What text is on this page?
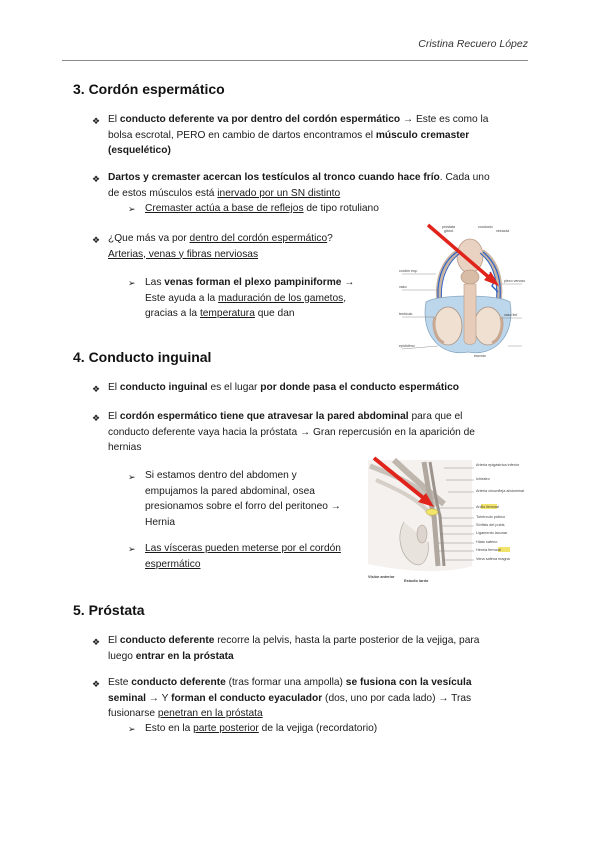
Cristina Recuero López
3. Cordón espermático
❖ El conducto deferente va por dentro del cordón espermático → Este es como la
bolsa escrotal, PERO en cambio de dartos encontramos el músculo cremaster
(esquelético)
❖ Dartos y cremaster acercan los testículos al tronco cuando hace frío. Cada uno
de estos músculos está inervado por un SN distinto
➢ Cremaster actúa a base de reflejos de tipo rotuliano
❖ ¿Que más va por dentro del cordón espermático?
Arterias, venas y fibras nerviosas
➢ Las venas forman el plexo pampiniforme →
Este ayuda a la maduración de los gametos,
gracias a la temperatura que dan
próstata
glánd.
conducto
vesícula
cordón esp.
vaso
plexo venoso
vaso linf.
testículo
epidídimo
escroto
4. Conducto inguinal
❖ El conducto inguinal es el lugar por donde pasa el conducto espermático
❖ El cordón espermático tiene que atravesar la pared abdominal para que el
conducto deferente vaya hacia la próstata → Gran repercusión en la aparición de
hernias
➢ Si estamos dentro del abdomen y
empujamos la pared abdominal, osea
presionamos sobre el forro del peritoneo →
Hernia
➢ Las vísceras pueden meterse por el cordón
espermático
Arteria epigástrica inferior
Ichisileo
Arteria circunfleja abdominal
Anillo femoral
Tubérculo púbico
Sínfisis del pubis
Ligamento lacunar
Hiato safeno
Hernia femoral
Vena safena magna
Visión anterior
Estudio lardo
5. Próstata
❖ El conducto deferente recorre la pelvis, hasta la parte posterior de la vejiga, para
luego entrar en la próstata
❖ Este conducto deferente (tras formar una ampolla) se fusiona con la vesícula
seminal → Y forman el conducto eyaculador (dos, uno por cada lado) → Tras
fusionarse penetran en la próstata
➢ Esto en la parte posterior de la vejiga (recordatorio)
